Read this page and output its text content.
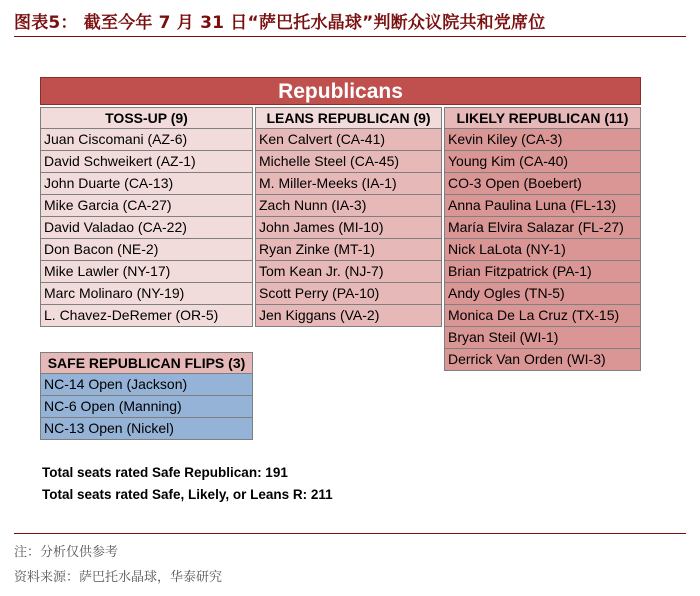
图表5： 截至今年 7 月 31 日“萨巴托水晶球”判断众议院共和党席位
Republicans
TOSS-UP (9)
Juan Ciscomani (AZ-6)
David Schweikert (AZ-1)
John Duarte (CA-13)
Mike Garcia (CA-27)
David Valadao (CA-22)
Don Bacon (NE-2)
Mike Lawler (NY-17)
Marc Molinaro (NY-19)
L. Chavez-DeRemer (OR-5)
LEANS REPUBLICAN (9)
Ken Calvert (CA-41)
Michelle Steel (CA-45)
M. Miller-Meeks (IA-1)
Zach Nunn (IA-3)
John James (MI-10)
Ryan Zinke (MT-1)
Tom Kean Jr. (NJ-7)
Scott Perry (PA-10)
Jen Kiggans (VA-2)
LIKELY REPUBLICAN (11)
Kevin Kiley (CA-3)
Young Kim (CA-40)
CO-3 Open (Boebert)
Anna Paulina Luna (FL-13)
María Elvira Salazar (FL-27)
Nick LaLota (NY-1)
Brian Fitzpatrick (PA-1)
Andy Ogles (TN-5)
Monica De La Cruz (TX-15)
Bryan Steil (WI-1)
Derrick Van Orden (WI-3)
SAFE REPUBLICAN FLIPS (3)
NC-14 Open (Jackson)
NC-6 Open (Manning)
NC-13 Open (Nickel)
Total seats rated Safe Republican: 191
Total seats rated Safe, Likely, or Leans R: 211
注：分析仅供参考
资料来源：萨巴托水晶球，华泰研究
